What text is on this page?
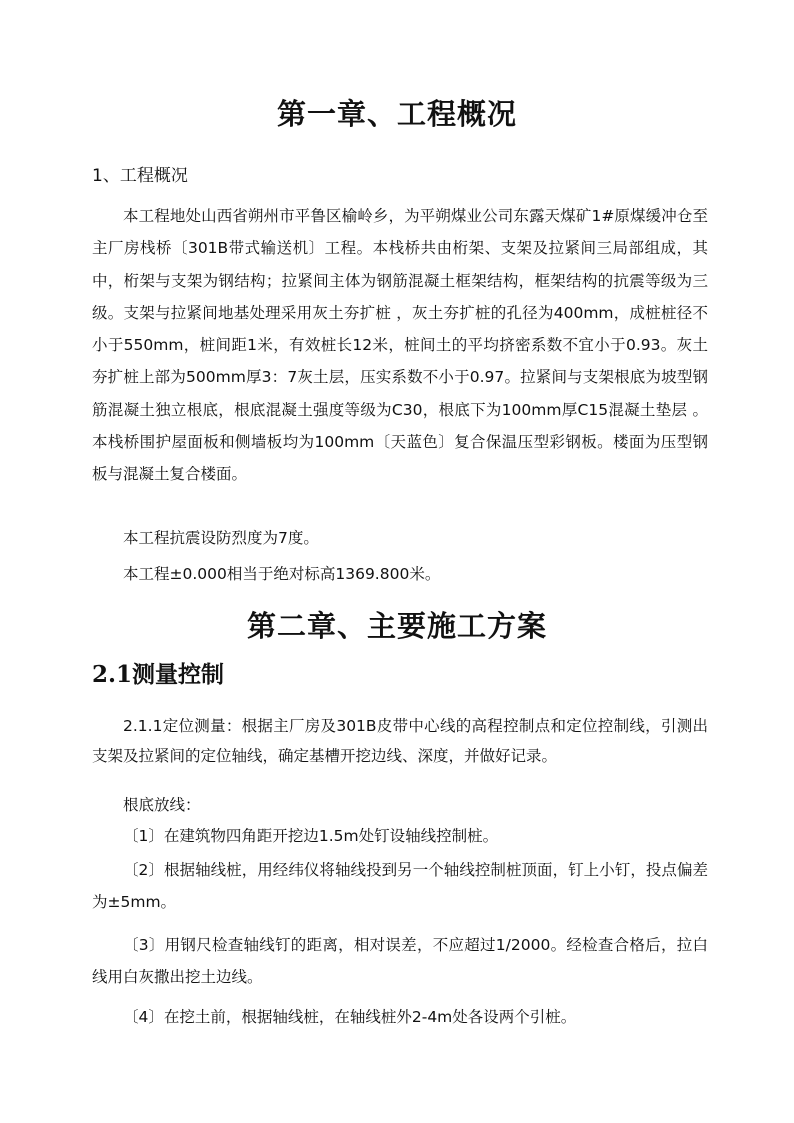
第一章、工程概况
1、工程概况

本工程地处山西省朔州市平鲁区榆岭乡，为平朔煤业公司东露天煤矿1#原煤缓冲仓至主厂房栈桥〔301B带式输送机〕工程。本栈桥共由桁架、支架及拉紧间三局部组成，其中，桁架与支架为钢结构；拉紧间主体为钢筋混凝土框架结构，框架结构的抗震等级为三级。支架与拉紧间地基处理采用灰土夯扩桩 ，灰土夯扩桩的孔径为400mm，成桩桩径不小于550mm，桩间距1米，有效桩长12米，桩间土的平均挤密系数不宜小于0.93。灰土夯扩桩上部为500mm厚3：7灰土层，压实系数不小于0.97。拉紧间与支架根底为坡型钢筋混凝土独立根底，根底混凝土强度等级为C30，根底下为100mm厚C15混凝土垫层 。本栈桥围护屋面板和侧墙板均为100mm〔天蓝色〕复合保温压型彩钢板。楼面为压型钢板与混凝土复合楼面。

本工程抗震设防烈度为7度。

本工程±0.000相当于绝对标高1369.800米。

第二章、主要施工方案
2.1测量控制

2.1.1定位测量：根据主厂房及301B皮带中心线的高程控制点和定位控制线，引测出支架及拉紧间的定位轴线，确定基槽开挖边线、深度，并做好记录。

根底放线：

〔1〕在建筑物四角距开挖边1.5m处钉设轴线控制桩。

〔2〕根据轴线桩，用经纬仪将轴线投到另一个轴线控制桩顶面，钉上小钉，投点偏差为±5mm。

〔3〕用钢尺检查轴线钉的距离，相对误差，不应超过1/2000。经检查合格后，拉白线用白灰撒出挖土边线。

〔4〕在挖土前，根据轴线桩，在轴线桩外2-4m处各设两个引桩。
